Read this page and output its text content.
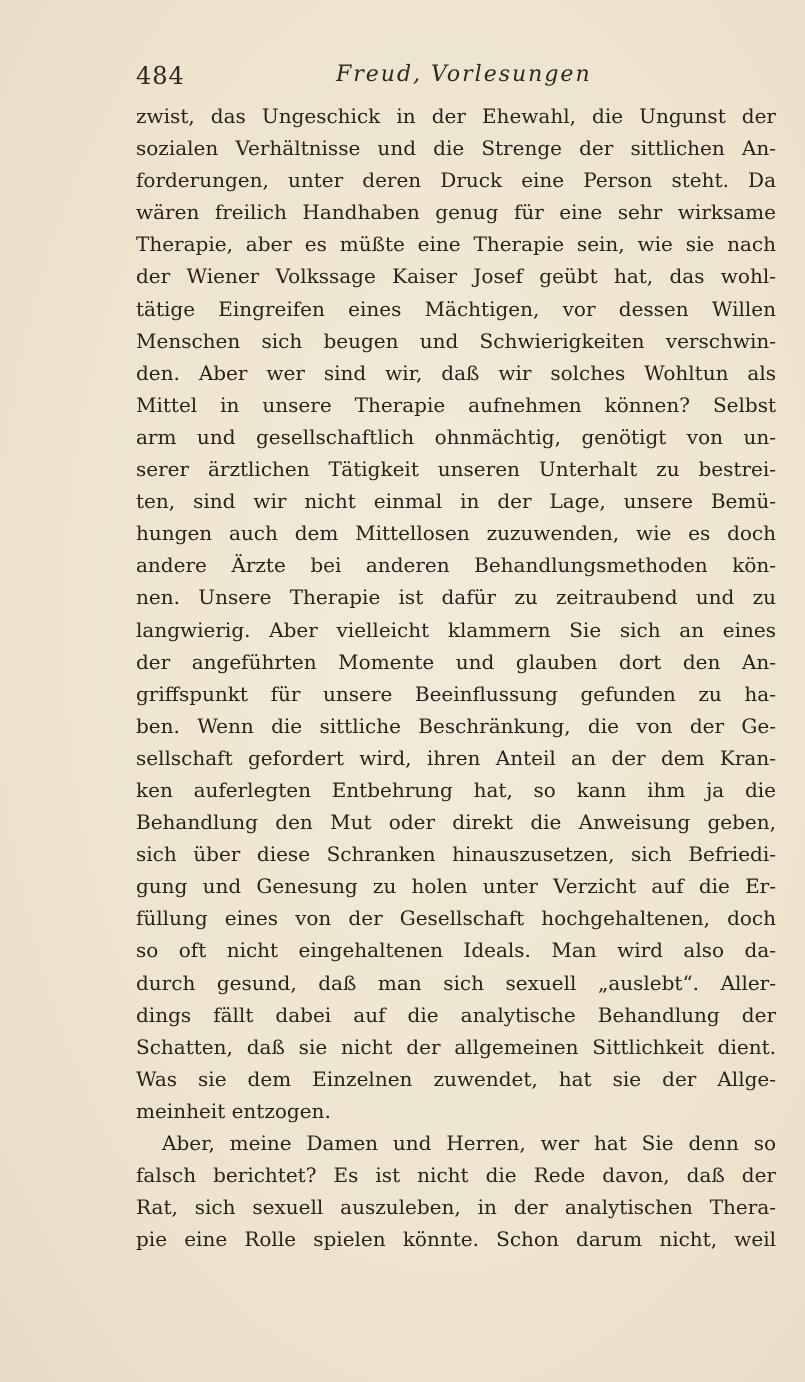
484	Freud, Vorlesungen
zwist, das Ungeschick in der Ehewahl, die Ungunst der
sozialen Verhältnisse und die Strenge der sittlichen An-
forderungen, unter deren Druck eine Person steht. Da
wären freilich Handhaben genug für eine sehr wirksame
Therapie, aber es müßte eine Therapie sein, wie sie nach
der Wiener Volkssage Kaiser Josef geübt hat, das wohl-
tätige Eingreifen eines Mächtigen, vor dessen Willen
Menschen sich beugen und Schwierigkeiten verschwin-
den. Aber wer sind wir, daß wir solches Wohltun als
Mittel in unsere Therapie aufnehmen können? Selbst
arm und gesellschaftlich ohnmächtig, genötigt von un-
serer ärztlichen Tätigkeit unseren Unterhalt zu bestrei-
ten, sind wir nicht einmal in der Lage, unsere Bemü-
hungen auch dem Mittellosen zuzuwenden, wie es doch
andere Ärzte bei anderen Behandlungsmethoden kön-
nen. Unsere Therapie ist dafür zu zeitraubend und zu
langwierig. Aber vielleicht klammern Sie sich an eines
der angeführten Momente und glauben dort den An-
griffspunkt für unsere Beeinflussung gefunden zu ha-
ben. Wenn die sittliche Beschränkung, die von der Ge-
sellschaft gefordert wird, ihren Anteil an der dem Kran-
ken auferlegten Entbehrung hat, so kann ihm ja die
Behandlung den Mut oder direkt die Anweisung geben,
sich über diese Schranken hinauszusetzen, sich Befriedi-
gung und Genesung zu holen unter Verzicht auf die Er-
füllung eines von der Gesellschaft hochgehaltenen, doch
so oft nicht eingehaltenen Ideals. Man wird also da-
durch gesund, daß man sich sexuell „auslebt“. Aller-
dings fällt dabei auf die analytische Behandlung der
Schatten, daß sie nicht der allgemeinen Sittlichkeit dient.
Was sie dem Einzelnen zuwendet, hat sie der Allge-
meinheit entzogen.
Aber, meine Damen und Herren, wer hat Sie denn so
falsch berichtet? Es ist nicht die Rede davon, daß der
Rat, sich sexuell auszuleben, in der analytischen Thera-
pie eine Rolle spielen könnte. Schon darum nicht, weil
